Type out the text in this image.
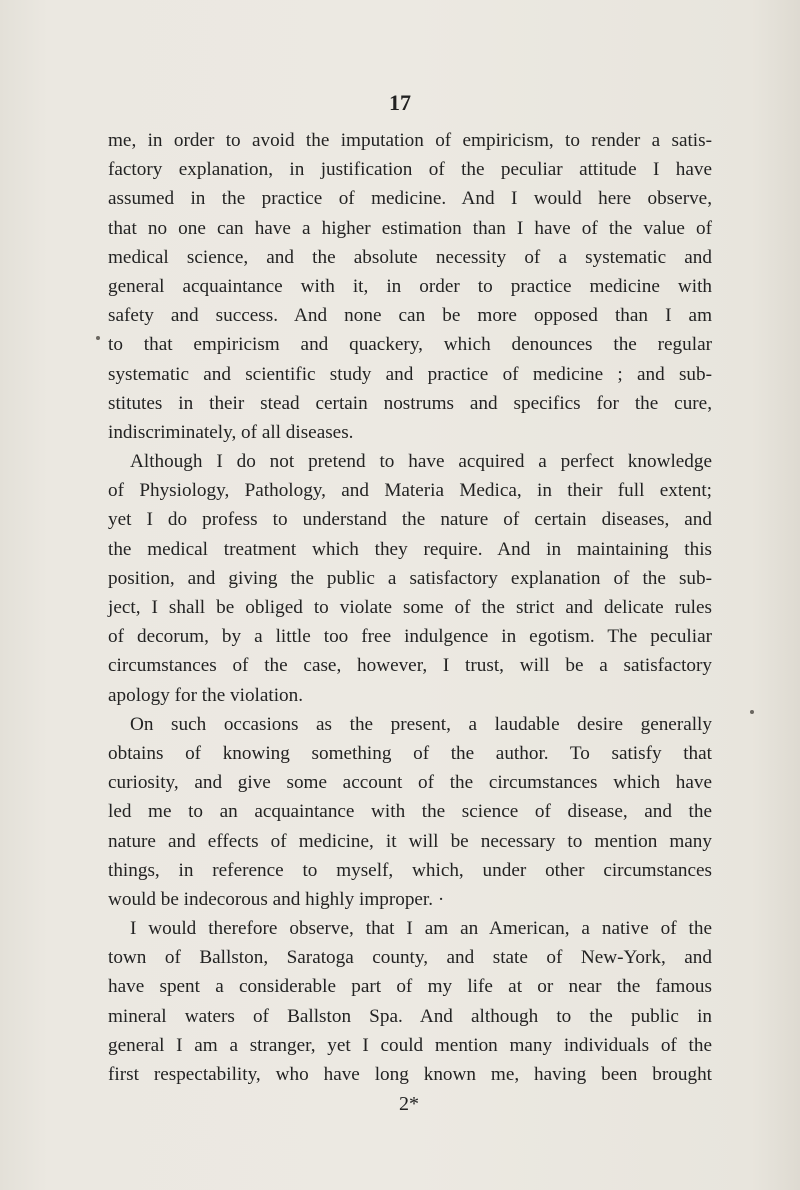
17
me, in order to avoid the imputation of empiricism, to render a satis-
factory explanation, in justification of the peculiar attitude I have
assumed in the practice of medicine. And I would here observe,
that no one can have a higher estimation than I have of the value of
medical science, and the absolute necessity of a systematic and
general acquaintance with it, in order to practice medicine with
safety and success. And none can be more opposed than I am
to that empiricism and quackery, which denounces the regular
systematic and scientific study and practice of medicine ; and sub-
stitutes in their stead certain nostrums and specifics for the cure,
indiscriminately, of all diseases.
Although I do not pretend to have acquired a perfect knowledge
of Physiology, Pathology, and Materia Medica, in their full extent;
yet I do profess to understand the nature of certain diseases, and
the medical treatment which they require. And in maintaining this
position, and giving the public a satisfactory explanation of the sub-
ject, I shall be obliged to violate some of the strict and delicate rules
of decorum, by a little too free indulgence in egotism. The peculiar
circumstances of the case, however, I trust, will be a satisfactory
apology for the violation.
On such occasions as the present, a laudable desire generally
obtains of knowing something of the author. To satisfy that
curiosity, and give some account of the circumstances which have
led me to an acquaintance with the science of disease, and the
nature and effects of medicine, it will be necessary to mention many
things, in reference to myself, which, under other circumstances
would be indecorous and highly improper. ·
I would therefore observe, that I am an American, a native of the
town of Ballston, Saratoga county, and state of New-York, and
have spent a considerable part of my life at or near the famous
mineral waters of Ballston Spa. And although to the public in
general I am a stranger, yet I could mention many individuals of the
first respectability, who have long known me, having been brought
2*
